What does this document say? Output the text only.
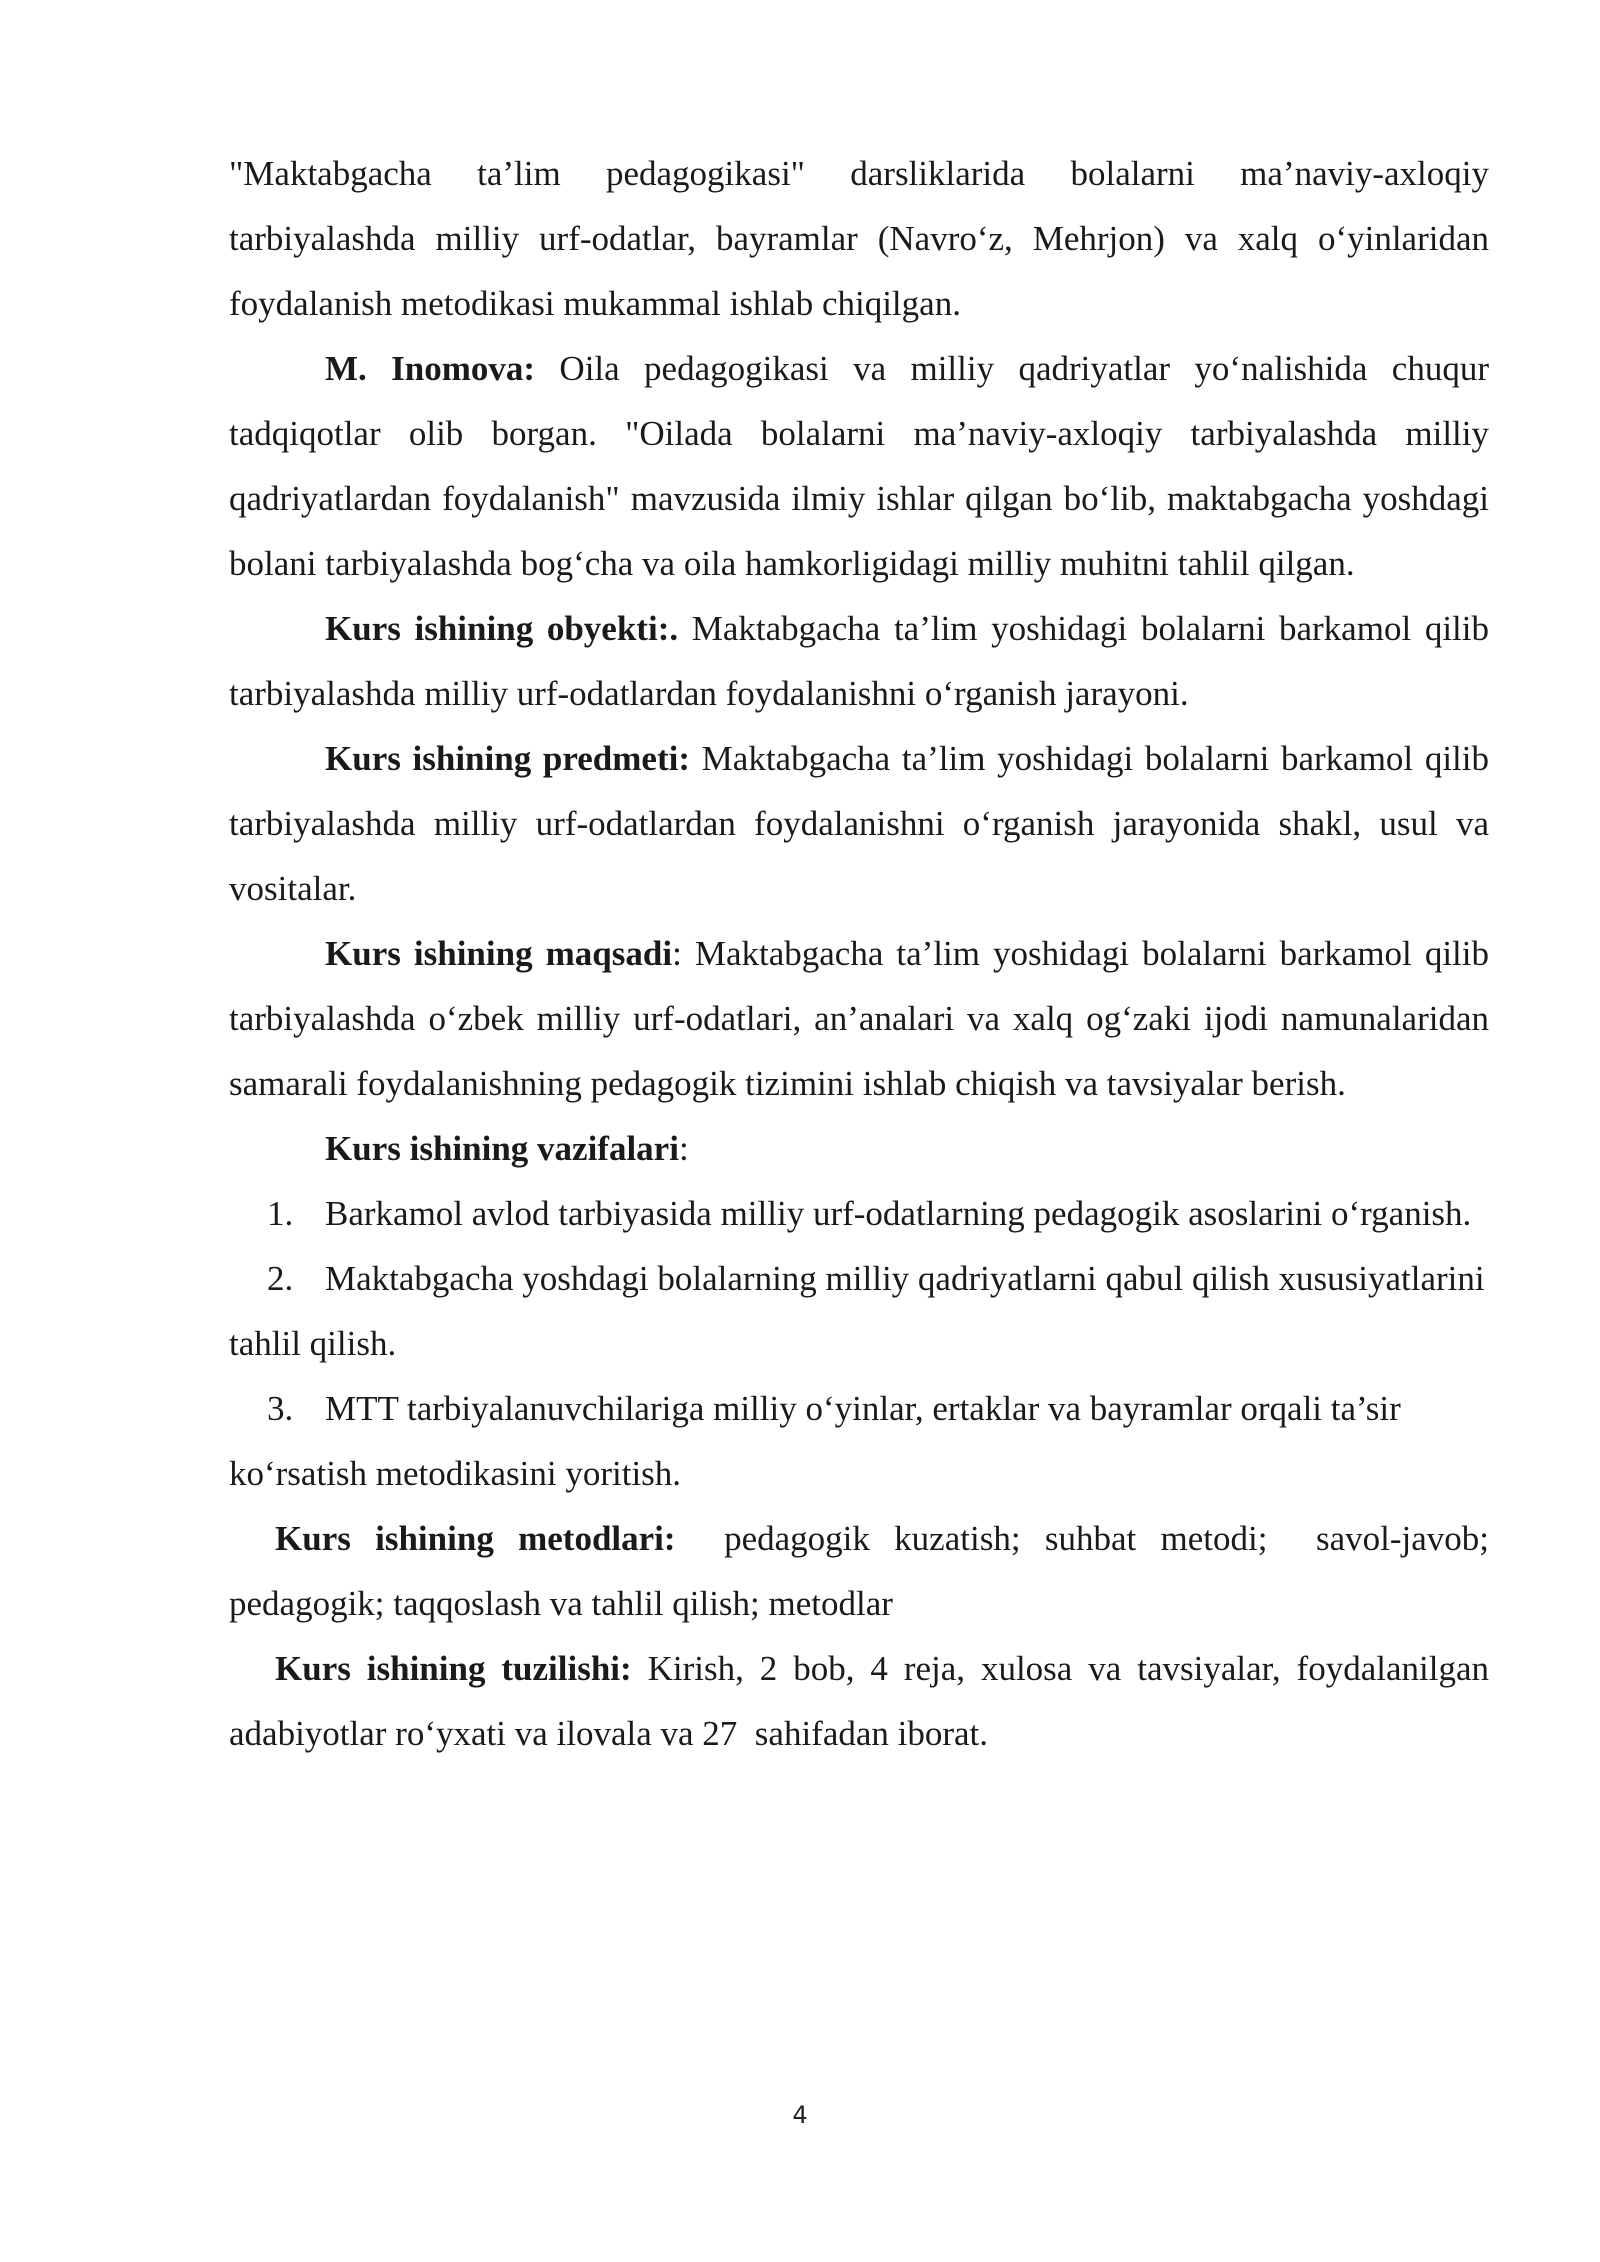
"Maktabgacha ta’lim pedagogikasi" darsliklarida bolalarni ma’naviy-axloqiy tarbiyalashda milliy urf-odatlar, bayramlar (Navro‘z, Mehrjon) va xalq o‘yinlaridan foydalanish metodikasi mukammal ishlab chiqilgan.

M. Inomova: Oila pedagogikasi va milliy qadriyatlar yo‘nalishida chuqur tadqiqotlar olib borgan. "Oilada bolalarni ma’naviy-axloqiy tarbiyalashda milliy qadriyatlardan foydalanish" mavzusida ilmiy ishlar qilgan bo‘lib, maktabgacha yoshdagi bolani tarbiyalashda bog‘cha va oila hamkorligidagi milliy muhitni tahlil qilgan.

Kurs ishining obyekti:. Maktabgacha ta’lim yoshidagi bolalarni barkamol qilib tarbiyalashda milliy urf-odatlardan foydalanishni o‘rganish jarayoni.

Kurs ishining predmeti: Maktabgacha ta’lim yoshidagi bolalarni barkamol qilib tarbiyalashda milliy urf-odatlardan foydalanishni o‘rganish jarayonida shakl, usul va vositalar.

Kurs ishining maqsadi: Maktabgacha ta’lim yoshidagi bolalarni barkamol qilib tarbiyalashda o‘zbek milliy urf-odatlari, an’analari va xalq og‘zaki ijodi namunalaridan samarali foydalanishning pedagogik tizimini ishlab chiqish va tavsiyalar berish.

Kurs ishining vazifalari:

1. Barkamol avlod tarbiyasida milliy urf-odatlarning pedagogik asoslarini o‘rganish.

2. Maktabgacha yoshdagi bolalarning milliy qadriyatlarni qabul qilish xususiyatlarini tahlil qilish.

3. MTT tarbiyalanuvchilariga milliy o‘yinlar, ertaklar va bayramlar orqali ta’sir ko‘rsatish metodikasini yoritish.

Kurs ishining metodlari:  pedagogik kuzatish; suhbat metodi;  savol-javob; pedagogik; taqqoslash va tahlil qilish; metodlar

Kurs ishining tuzilishi: Kirish, 2 bob, 4 reja, xulosa va tavsiyalar, foydalanilgan adabiyotlar ro‘yxati va ilovala va 27  sahifadan iborat.

4
